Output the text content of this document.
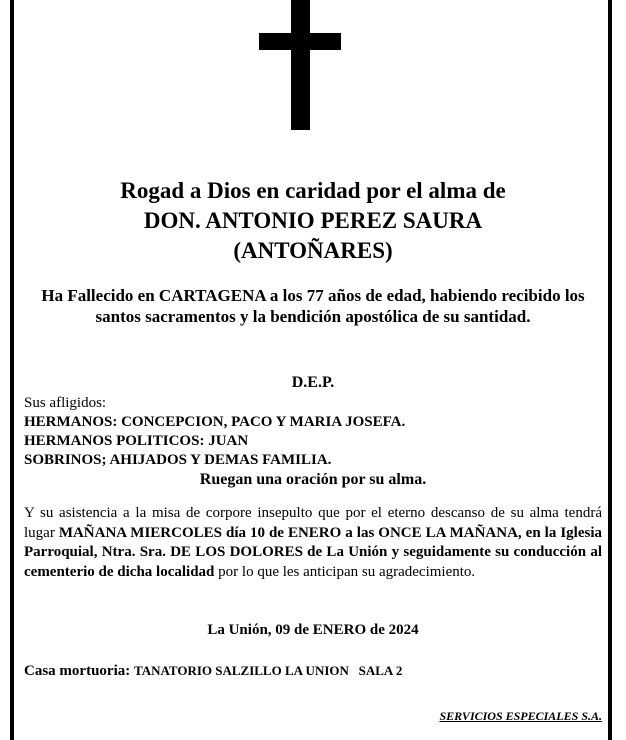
Rogad a Dios en caridad por el alma de
DON. ANTONIO PEREZ SAURA
(ANTOÑARES)
Ha Fallecido en CARTAGENA a los 77 años de edad, habiendo recibido los santos sacramentos y la bendición apostólica de su santidad.
D.E.P.
Sus afligidos:
HERMANOS: CONCEPCION, PACO Y MARIA JOSEFA.
HERMANOS POLITICOS: JUAN
SOBRINOS; AHIJADOS Y DEMAS FAMILIA.
Ruegan una oración por su alma.
Y su asistencia a la misa de corpore insepulto que por el eterno descanso de su alma tendrá lugar MAÑANA MIERCOLES día 10 de ENERO a las ONCE LA MAÑANA, en la Iglesia Parroquial, Ntra. Sra. DE LOS DOLORES de La Unión y seguidamente su conducción al cementerio de dicha localidad por lo que les anticipan su agradecimiento.
La Unión, 09 de ENERO de 2024
Casa mortuoria: TANATORIO SALZILLO LA UNION   SALA 2
SERVICIOS ESPECIALES S.A.
